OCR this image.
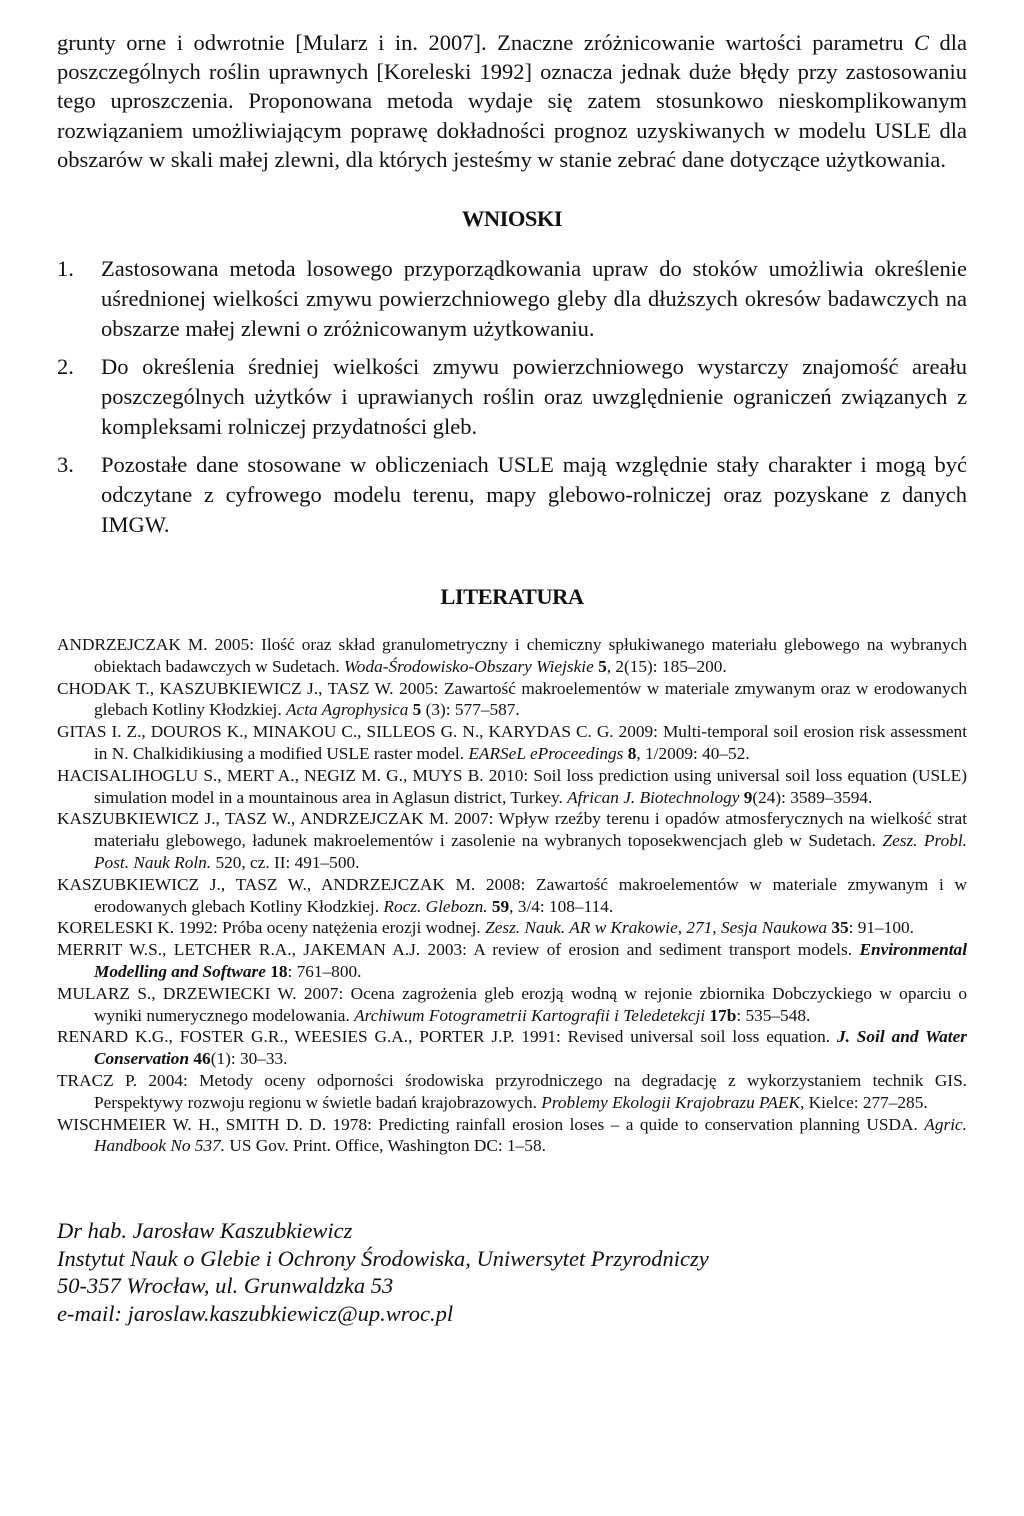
grunty orne i odwrotnie [Mularz i in. 2007]. Znaczne zróżnicowanie wartości parametru C dla poszczególnych roślin uprawnych [Koreleski 1992] oznacza jednak duże błędy przy zastosowaniu tego uproszczenia. Proponowana metoda wydaje się zatem stosunkowo nieskomplikowanym rozwiązaniem umożliwiającym poprawę dokładności prognoz uzyskiwanych w modelu USLE dla obszarów w skali małej zlewni, dla których jesteśmy w stanie zebrać dane dotyczące użytkowania.

WNIOSKI
1. Zastosowana metoda losowego przyporządkowania upraw do stoków umożliwia określenie uśrednionej wielkości zmywu powierzchniowego gleby dla dłuższych okresów badawczych na obszarze małej zlewni o zróżnicowanym użytkowaniu.
2. Do określenia średniej wielkości zmywu powierzchniowego wystarczy znajomość areału poszczególnych użytków i uprawianych roślin oraz uwzględnienie ograniczeń związanych z kompleksami rolniczej przydatności gleb.
3. Pozostałe dane stosowane w obliczeniach USLE mają względnie stały charakter i mogą być odczytane z cyfrowego modelu terenu, mapy glebowo-rolniczej oraz pozyskane z danych IMGW.
LITERATURA
ANDRZEJCZAK M. 2005: Ilość oraz skład granulometryczny i chemiczny spłukiwanego materiału glebowego na wybranych obiektach badawczych w Sudetach. Woda-Środowisko-Obszary Wiejskie 5, 2(15): 185–200.
CHODAK T., KASZUBKIEWICZ J., TASZ W. 2005: Zawartość makroelementów w materiale zmywanym oraz w erodowanych glebach Kotliny Kłodzkiej. Acta Agrophysica 5 (3): 577–587.
GITAS I. Z., DOUROS K., MINAKOU C., SILLEOS G. N., KARYDAS C. G. 2009: Multi-temporal soil erosion risk assessment in N. Chalkidikiusing a modified USLE raster model. EARSeL eProceedings 8, 1/2009: 40–52.
HACISALIHOGLU S., MERT A., NEGIZ M. G., MUYS B. 2010: Soil loss prediction using universal soil loss equation (USLE) simulation model in a mountainous area in Aglasun district, Turkey. African J. Biotechnology 9(24): 3589–3594.
KASZUBKIEWICZ J., TASZ W., ANDRZEJCZAK M. 2007: Wpływ rzeźby terenu i opadów atmosferycznych na wielkość strat materiału glebowego, ładunek makroelementów i zasolenie na wybranych toposekwencjach gleb w Sudetach. Zesz. Probl. Post. Nauk Roln. 520, cz. II: 491–500.
KASZUBKIEWICZ J., TASZ W., ANDRZEJCZAK M. 2008: Zawartość makroelementów w materiale zmywanym i w erodowanych glebach Kotliny Kłodzkiej. Rocz. Glebozn. 59, 3/4: 108–114.
KORELESKI K. 1992: Próba oceny natężenia erozji wodnej. Zesz. Nauk. AR w Krakowie, 271, Sesja Naukowa 35: 91–100.
MERRIT W.S., LETCHER R.A., JAKEMAN A.J. 2003: A review of erosion and sediment transport models. Environmental Modelling and Software 18: 761–800.
MULARZ S., DRZEWIECKI W. 2007: Ocena zagrożenia gleb erozją wodną w rejonie zbiornika Dobczyckiego w oparciu o wyniki numerycznego modelowania. Archiwum Fotogrametrii Kartografii i Teledetekcji 17b: 535–548.
RENARD K.G., FOSTER G.R., WEESIES G.A., PORTER J.P. 1991: Revised universal soil loss equation. J. Soil and Water Conservation 46(1): 30–33.
TRACZ P. 2004: Metody oceny odporności środowiska przyrodniczego na degradację z wykorzystaniem technik GIS. Perspektywy rozwoju regionu w świetle badań krajobrazowych. Problemy Ekologii Krajobrazu PAEK, Kielce: 277–285.
WISCHMEIER W. H., SMITH D. D. 1978: Predicting rainfall erosion loses – a quide to conservation planning USDA. Agric. Handbook No 537. US Gov. Print. Office, Washington DC: 1–58.
Dr hab. Jarosław Kaszubkiewicz
Instytut Nauk o Glebie i Ochrony Środowiska, Uniwersytet Przyrodniczy
50-357 Wrocław, ul. Grunwaldzka 53
e-mail: jaroslaw.kaszubkiewicz@up.wroc.pl
